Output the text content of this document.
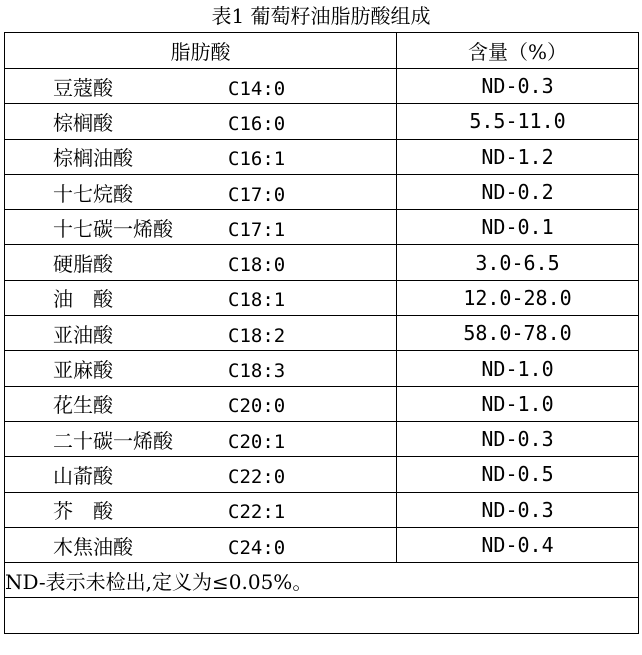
表1 葡萄籽油脂肪酸组成
脂肪酸	含量（%）
豆蔻酸 C14:0	ND-0.3
棕榈酸 C16:0	5.5-11.0
棕榈油酸 C16:1	ND-1.2
十七烷酸 C17:0	ND-0.2
十七碳一烯酸 C17:1	ND-0.1
硬脂酸 C18:0	3.0-6.5
油　酸 C18:1	12.0-28.0
亚油酸 C18:2	58.0-78.0
亚麻酸 C18:3	ND-1.0
花生酸 C20:0	ND-1.0
二十碳一烯酸 C20:1	ND-0.3
山萮酸 C22:0	ND-0.5
芥　酸 C22:1	ND-0.3
木焦油酸 C24:0	ND-0.4
ND-表示未检出,定义为≤0.05%。	
